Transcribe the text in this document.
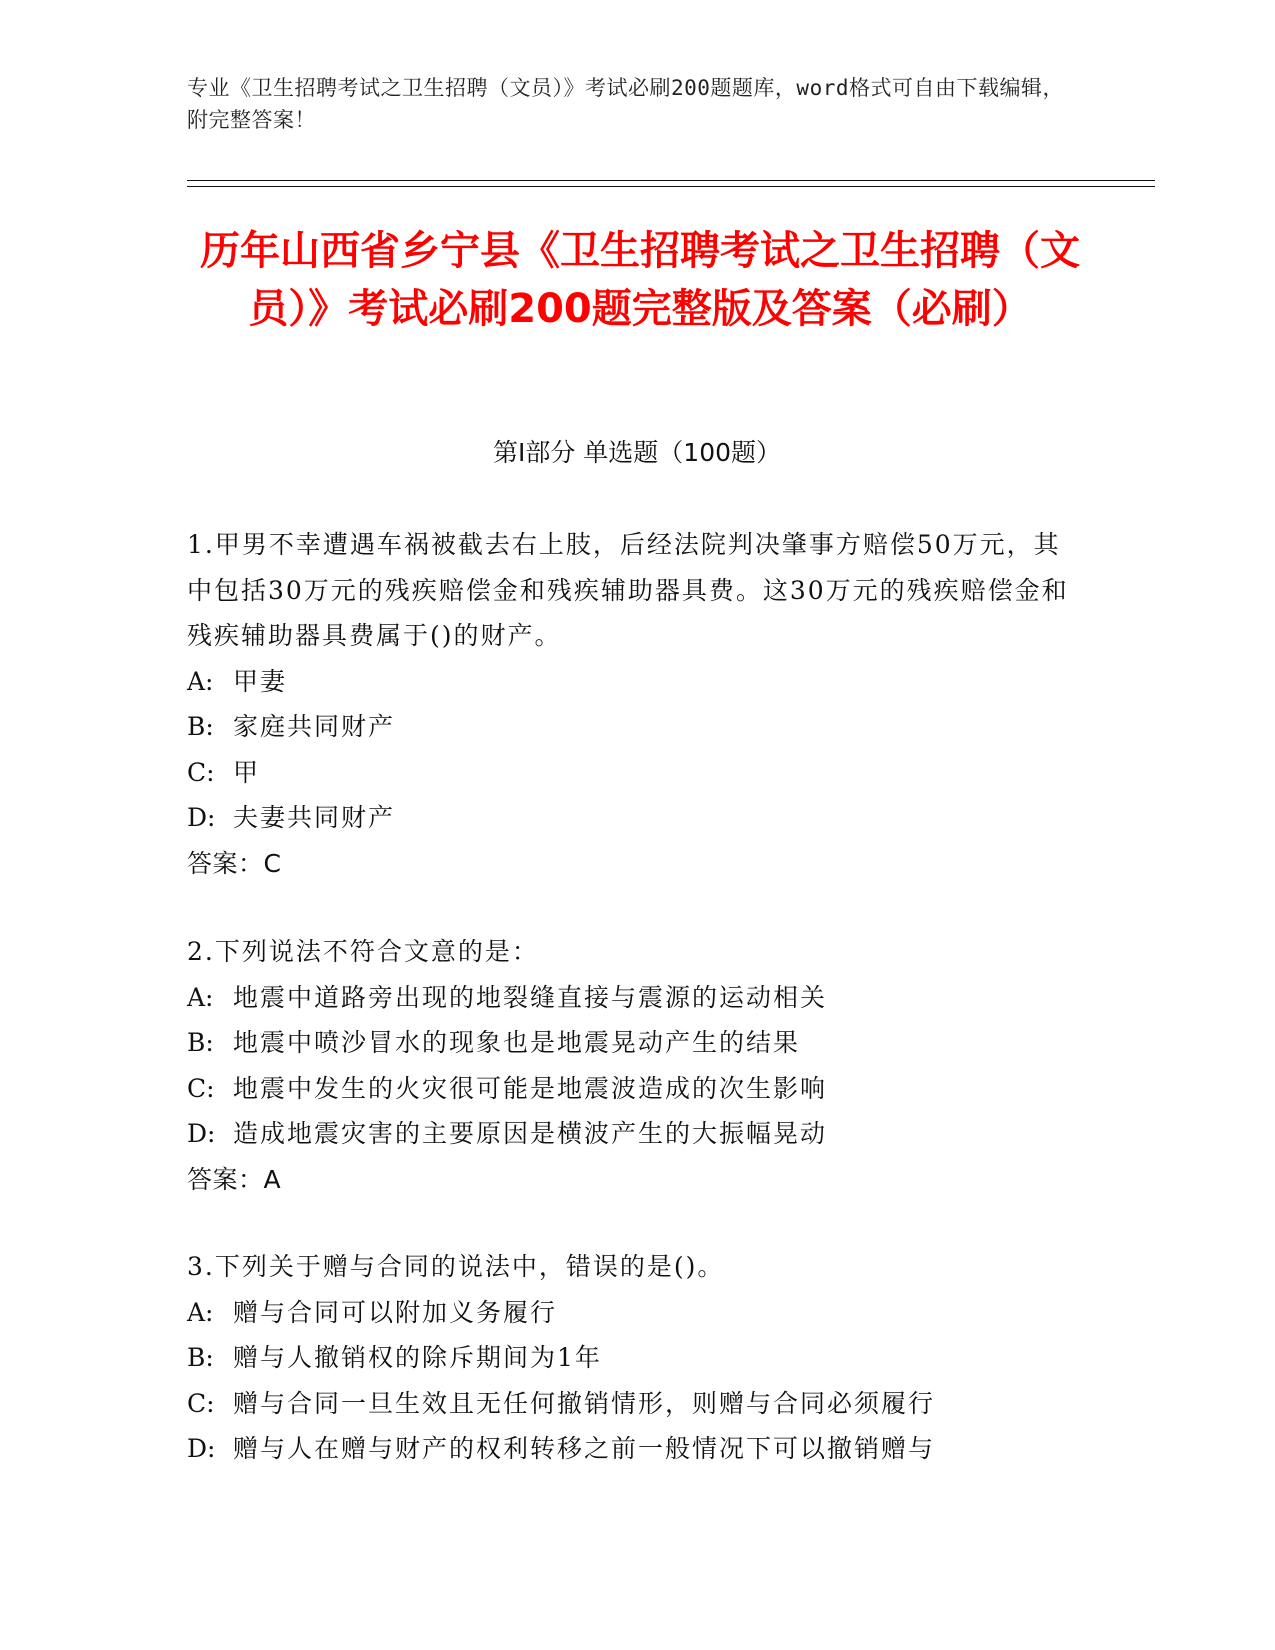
专业《卫生招聘考试之卫生招聘（文员）》考试必刷200题题库，word格式可自由下载编辑，附完整答案！
历年山西省乡宁县《卫生招聘考试之卫生招聘（文员）》考试必刷200题完整版及答案（必刷）
第Ⅰ部分 单选题（100题）
1.甲男不幸遭遇车祸被截去右上肢，后经法院判决肇事方赔偿50万元，其中包括30万元的残疾赔偿金和残疾辅助器具费。这30万元的残疾赔偿金和残疾辅助器具费属于()的财产。
A: 甲妻
B: 家庭共同财产
C: 甲
D: 夫妻共同财产
答案：C
2.下列说法不符合文意的是：
A: 地震中道路旁出现的地裂缝直接与震源的运动相关
B: 地震中喷沙冒水的现象也是地震晃动产生的结果
C: 地震中发生的火灾很可能是地震波造成的次生影响
D: 造成地震灾害的主要原因是横波产生的大振幅晃动
答案：A
3.下列关于赠与合同的说法中，错误的是()。
A: 赠与合同可以附加义务履行
B: 赠与人撤销权的除斥期间为1年
C: 赠与合同一旦生效且无任何撤销情形，则赠与合同必须履行
D: 赠与人在赠与财产的权利转移之前一般情况下可以撤销赠与
